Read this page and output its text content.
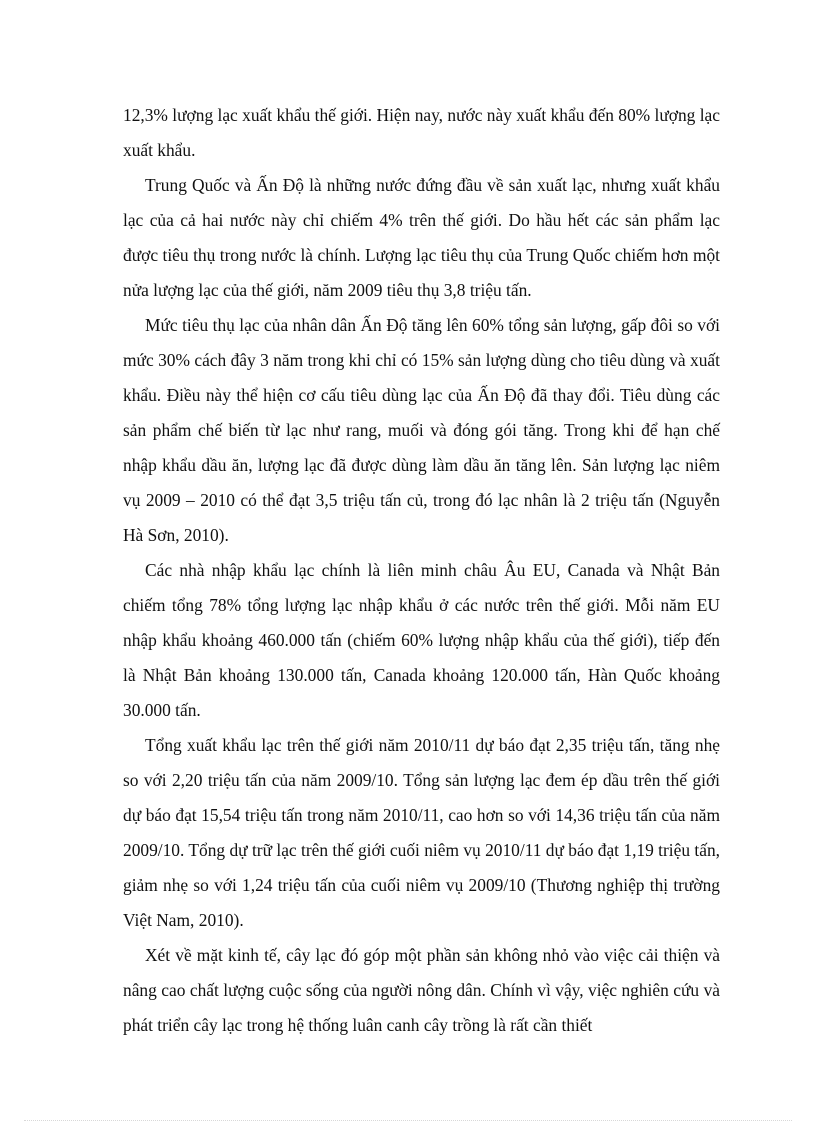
12,3% lượng lạc xuất khẩu thế giới. Hiện nay, nước này xuất khẩu đến 80% lượng lạc xuất khẩu.

Trung Quốc và Ấn Độ là những nước đứng đầu về sản xuất lạc, nhưng xuất khẩu lạc của cả hai nước này chỉ chiếm 4% trên thế giới. Do hầu hết các sản phẩm lạc được tiêu thụ trong nước là chính. Lượng lạc tiêu thụ của Trung Quốc chiếm hơn một nửa lượng lạc của thế giới, năm 2009 tiêu thụ 3,8 triệu tấn.

Mức tiêu thụ lạc của nhân dân Ấn Độ tăng lên 60% tổng sản lượng, gấp đôi so với mức 30% cách đây 3 năm trong khi chỉ có 15% sản lượng dùng cho tiêu dùng và xuất khẩu. Điều này thể hiện cơ cấu tiêu dùng lạc của Ấn Độ đã thay đổi. Tiêu dùng các sản phẩm chế biến từ lạc như rang, muối và đóng gói tăng. Trong khi để hạn chế nhập khẩu dầu ăn, lượng lạc đã được dùng làm dầu ăn tăng lên. Sản lượng lạc niêm vụ 2009 – 2010 có thể đạt 3,5 triệu tấn củ, trong đó lạc nhân là 2 triệu tấn (Nguyễn Hà Sơn, 2010).

Các nhà nhập khẩu lạc chính là liên minh châu Âu EU, Canada và Nhật Bản chiếm tổng 78% tổng lượng lạc nhập khẩu ở các nước trên thế giới. Mỗi năm EU nhập khẩu khoảng 460.000 tấn (chiếm 60% lượng nhập khẩu của thế giới), tiếp đến là Nhật Bản khoảng 130.000 tấn, Canada khoảng 120.000 tấn, Hàn Quốc khoảng 30.000 tấn.

Tổng xuất khẩu lạc trên thế giới năm 2010/11 dự báo đạt 2,35 triệu tấn, tăng nhẹ so với 2,20 triệu tấn của năm 2009/10. Tổng sản lượng lạc đem ép dầu trên thế giới dự báo đạt 15,54 triệu tấn trong năm 2010/11, cao hơn so với 14,36 triệu tấn của năm 2009/10. Tổng dự trữ lạc trên thế giới cuối niêm vụ 2010/11 dự báo đạt 1,19 triệu tấn, giảm nhẹ so với 1,24 triệu tấn của cuối niêm vụ 2009/10 (Thương nghiệp thị trường Việt Nam, 2010).

Xét về mặt kinh tế, cây lạc đó góp một phần sản không nhỏ vào việc cải thiện và nâng cao chất lượng cuộc sống của người nông dân. Chính vì vậy, việc nghiên cứu và phát triển cây lạc trong hệ thống luân canh cây trồng là rất cần thiết
